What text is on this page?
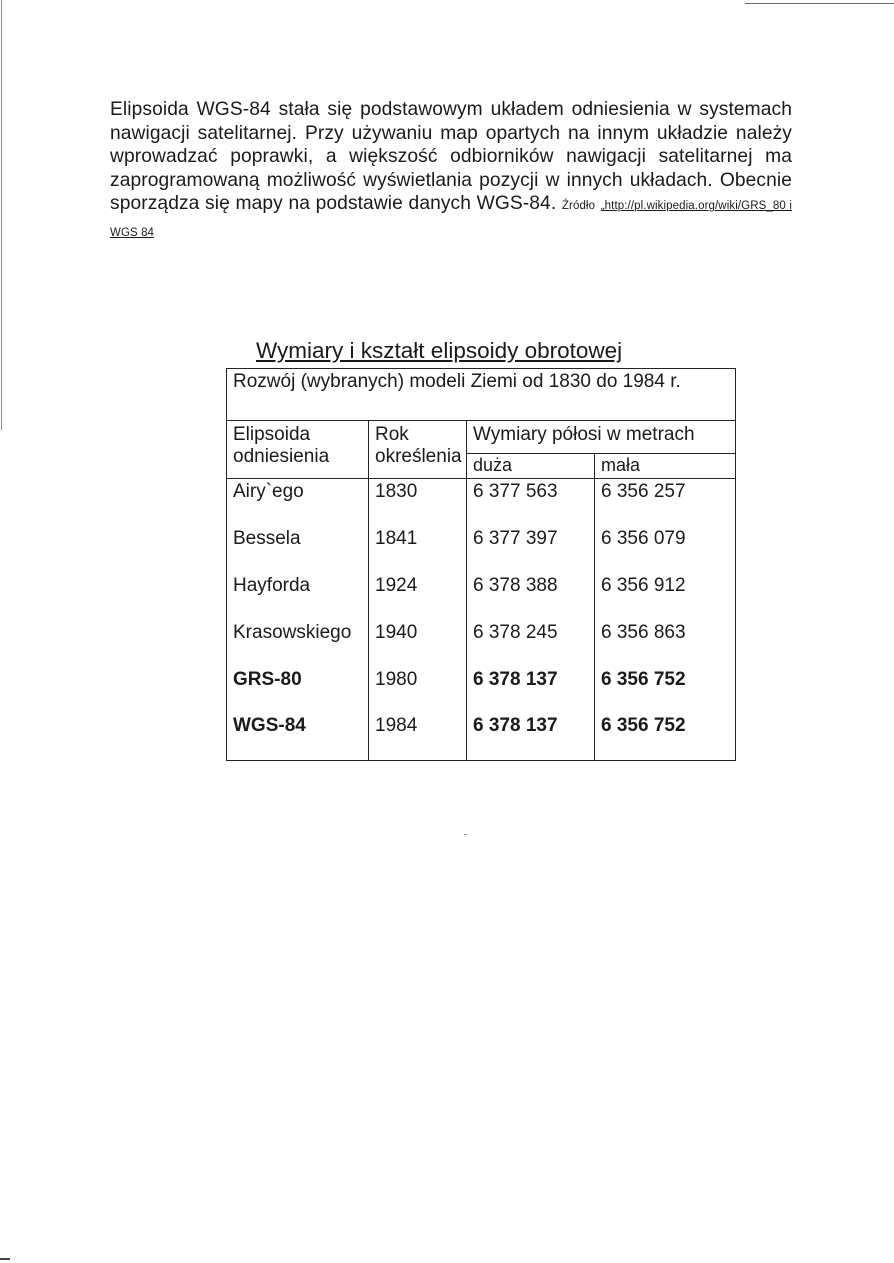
Elipsoida WGS-84 stała się podstawowym układem odniesienia w systemach nawigacji satelitarnej. Przy używaniu map opartych na innym układzie należy wprowadzać poprawki, a większość odbiorników nawigacji satelitarnej ma zaprogramowaną możliwość wyświetlania pozycji w innych układach. Obecnie sporządza się mapy na podstawie danych WGS-84. Źródło „http://pl.wikipedia.org/wiki/GRS_80 i WGS 84
Wymiary i kształt elipsoidy obrotowej
Rozwój (wybranych) modeli Ziemi od 1830 do 1984 r.			
Elipsoida odniesienia	Rok określenia	Wymiary półosi w metrach	
		duża	mała
Airy`ego	1830	6 377 563	6 356 257
Bessela	1841	6 377 397	6 356 079
Hayforda	1924	6 378 388	6 356 912
Krasowskiego	1940	6 378 245	6 356 863
GRS-80	1980	6 378 137	6 356 752
WGS-84	1984	6 378 137	6 356 752
